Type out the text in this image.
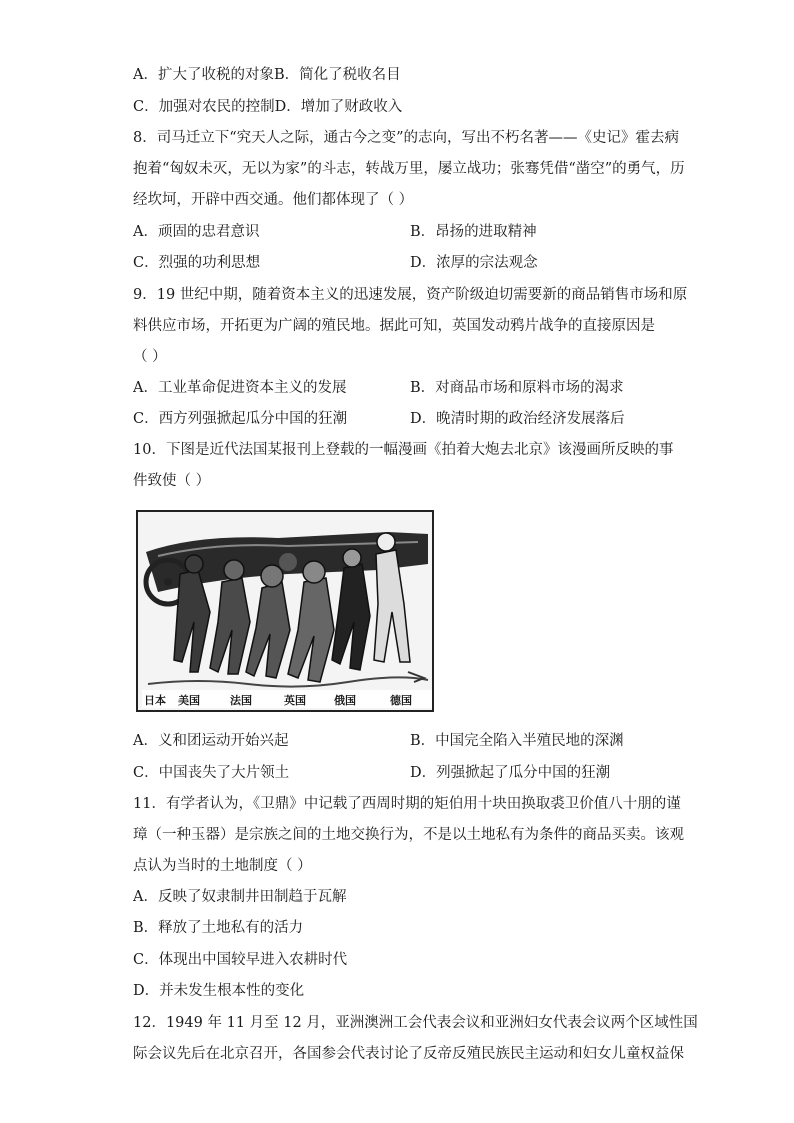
A．扩大了收税的对象B．简化了税收名目
C．加强对农民的控制D．增加了财政收入
8．司马迁立下“究天人之际，通古今之变”的志向，写出不朽名著——《史记》霍去病
抱着“匈奴未灭，无以为家”的斗志，转战万里，屡立战功；张骞凭借“凿空”的勇气，历
经坎坷，开辟中西交通。他们都体现了（ ）
A．顽固的忠君意识	B．昂扬的进取精神
C．烈强的功利思想	D．浓厚的宗法观念
9．19 世纪中期，随着资本主义的迅速发展，资产阶级迫切需要新的商品销售市场和原
料供应市场，开拓更为广阔的殖民地。据此可知，英国发动鸦片战争的直接原因是
（ ）
A．工业革命促进资本主义的发展	B．对商品市场和原料市场的渴求
C．西方列强掀起瓜分中国的狂潮	D．晚清时期的政治经济发展落后
10．下图是近代法国某报刊上登载的一幅漫画《拍着大炮去北京》该漫画所反映的事
件致使（ ）
日本 美国	法国	英国	俄国	德国
A．义和团运动开始兴起	B．中国完全陷入半殖民地的深渊
C．中国丧失了大片领土	D．列强掀起了瓜分中国的狂潮
11．有学者认为，《卫鼎》中记载了西周时期的矩伯用十块田换取裘卫价值八十朋的谨
璋（一种玉器）是宗族之间的土地交换行为，不是以土地私有为条件的商品买卖。该观
点认为当时的土地制度（ ）
A．反映了奴隶制井田制趋于瓦解
B．释放了土地私有的活力
C．体现出中国较早进入农耕时代
D．并未发生根本性的变化
12．1949 年 11 月至 12 月，亚洲澳洲工会代表会议和亚洲妇女代表会议两个区域性国
际会议先后在北京召开，各国参会代表讨论了反帝反殖民族民主运动和妇女儿童权益保
